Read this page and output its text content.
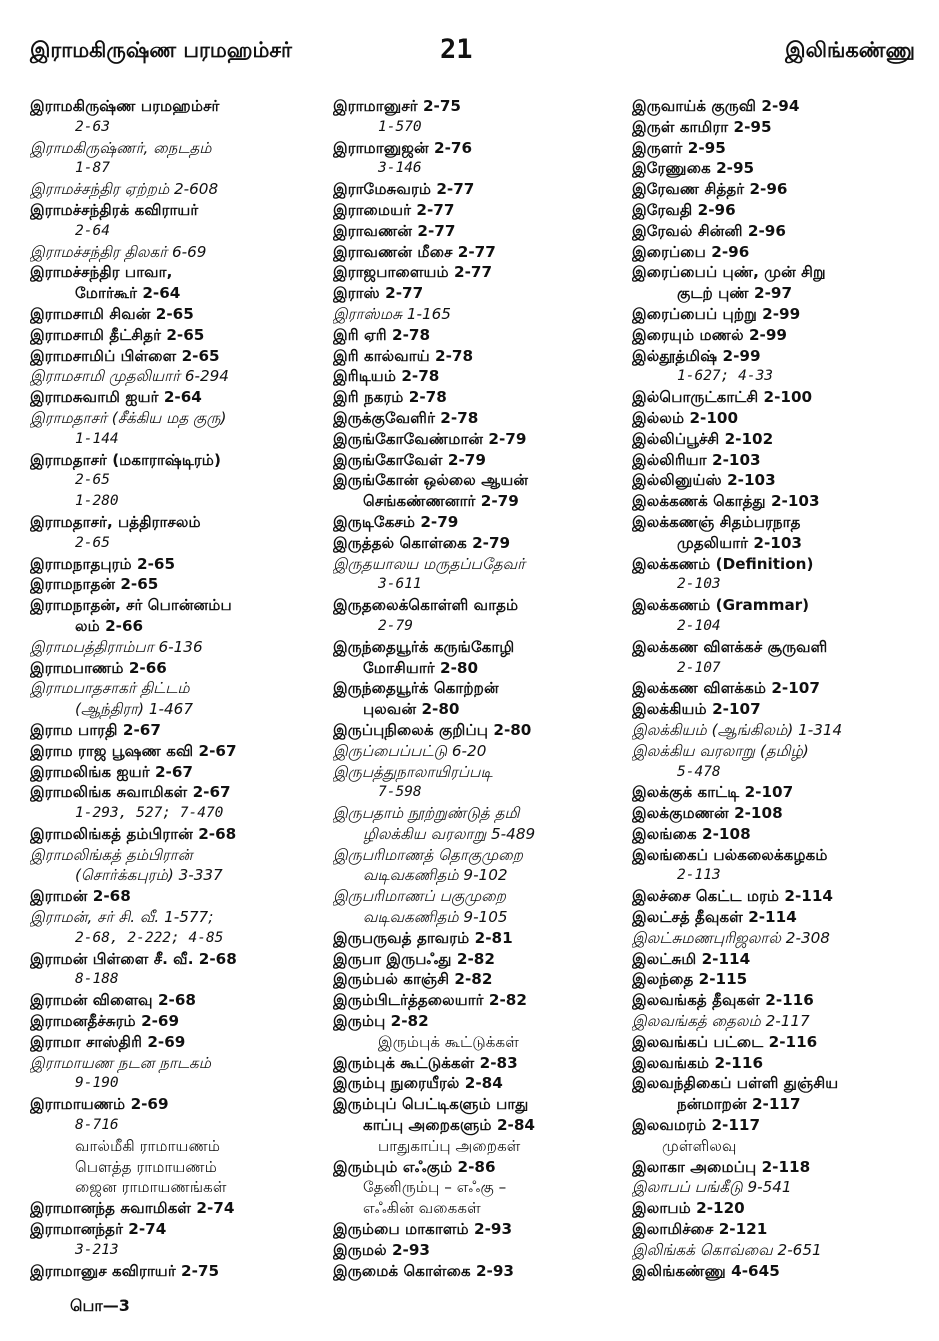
இராமகிருஷ்ண பரமஹம்சர்	21	இலிங்கண்ணு
இராமகிருஷ்ண பரமஹம்சர்
2-63
இராமகிருஷ்ணர், நைடதம்
1-87
இராமச்சந்திர ஏற்றம் 2-608
இராமச்சந்திரக் கவிராயர்
2-64
இராமச்சந்திர திலகர் 6-69
இராமச்சந்திர பாவா,
மோர்கூர் 2-64
இராமசாமி சிவன் 2-65
இராமசாமி தீட்சிதர் 2-65
இராமசாமிப் பிள்ளை 2-65
இராமசாமி முதலியார் 6-294
இராமசுவாமி ஐயர் 2-64
இராமதாசர் (சீக்கிய மத குரு)
1-144
இராமதாசர் (மகாராஷ்டிரம்)
2-65
1-280
இராமதாசர், பத்திராசலம்
2-65
இராமநாதபுரம் 2-65
இராமநாதன் 2-65
இராமநாதன், சர் பொன்னம்ப
லம் 2-66
இராமபத்திராம்பா 6-136
இராமபாணம் 2-66
இராமபாதசாகர் திட்டம்
(ஆந்திரா) 1-467
இராம பாரதி 2-67
இராம ராஜ பூஷண கவி 2-67
இராமலிங்க ஐயர் 2-67
இராமலிங்க சுவாமிகள் 2-67
1-293, 527; 7-470
இராமலிங்கத் தம்பிரான் 2-68
இராமலிங்கத் தம்பிரான்
(சொர்க்கபுரம்) 3-337
இராமன் 2-68
இராமன், சர் சி. வீ. 1-577;
2-68, 2-222; 4-85
இராமன் பிள்ளை சீ. வீ. 2-68
8-188
இராமன் விளைவு 2-68
இராமனதீச்சுரம் 2-69
இராமா சாஸ்திரி 2-69
இராமாயண நடன நாடகம்
9-190
இராமாயணம் 2-69
8-716
வால்மீகி ராமாயணம்
பௌத்த ராமாயணம்
ஜைன ராமாயணங்கள்
இராமானந்த சுவாமிகள் 2-74
இராமானந்தர் 2-74
3-213
இராமானுச கவிராயர் 2-75
இராமானுசர் 2-75
1-570
இராமானுஜன் 2-76
3-146
இராமேசுவரம் 2-77
இராமையர் 2-77
இராவணன் 2-77
இராவணன் மீசை 2-77
இராஜபாளையம் 2-77
இராஸ் 2-77
இராஸ்மசு 1-165
இரி ஏரி 2-78
இரி கால்வாய் 2-78
இரிடியம் 2-78
இரி நகரம் 2-78
இருக்குவேளிர் 2-78
இருங்கோவேண்மான் 2-79
இருங்கோவேள் 2-79
இருங்கோன் ஒல்லை ஆயன்
செங்கண்ணனார் 2-79
இருடிகேசம் 2-79
இருத்தல் கொள்கை 2-79
இருதயாலய மருதப்பதேவர்
3-611
இருதலைக்கொள்ளி வாதம்
2-79
இருந்தையூர்க் கருங்கோழி
மோசியார் 2-80
இருந்தையூர்க் கொற்றன்
புலவன் 2-80
இருப்புநிலைக் குறிப்பு 2-80
இருப்பைப்பட்டு 6-20
இருபத்துநாலாயிரப்படி
7-598
இருபதாம் நூற்றுண்டுத் தமி
ழிலக்கிய வரலாறு 5-489
இருபரிமாணத் தொகுமுறை
வடிவகணிதம் 9-102
இருபரிமாணப் பகுமுறை
வடிவகணிதம் 9-105
இருபருவத் தாவரம் 2-81
இருபா இருபஃது 2-82
இரும்பல் காஞ்சி 2-82
இரும்பிடர்த்தலையார் 2-82
இரும்பு 2-82
இரும்புக் கூட்டுக்கள்
இரும்புக் கூட்டுக்கள் 2-83
இரும்பு நுரையீரல் 2-84
இரும்புப் பெட்டிகளும் பாது
காப்பு அறைகளும் 2-84
பாதுகாப்பு அறைகள்
இரும்பும் எஃகும் 2-86
தேனிரும்பு – எஃகு –
எஃகின் வகைகள்
இரும்பை மாகாளம் 2-93
இருமல் 2-93
இருமைக் கொள்கை 2-93
இருவாய்க் குருவி 2-94
இருள் காமிரா 2-95
இருளர் 2-95
இரேணுகை 2-95
இரேவண சித்தர் 2-96
இரேவதி 2-96
இரேவல் சின்னி 2-96
இரைப்பை 2-96
இரைப்பைப் புண், முன் சிறு
குடற் புண் 2-97
இரைப்பைப் புற்று 2-99
இரையும் மணல் 2-99
இல்தூத்மிஷ் 2-99
1-627; 4-33
இல்பொருட்காட்சி 2-100
இல்லம் 2-100
இல்லிப்பூச்சி 2-102
இல்லிரியா 2-103
இல்லினுய்ஸ் 2-103
இலக்கணக் கொத்து 2-103
இலக்கணஞ் சிதம்பரநாத
முதலியார் 2-103
இலக்கணம் (Definition)
2-103
இலக்கணம் (Grammar)
2-104
இலக்கண விளக்கச் சூருவளி
2-107
இலக்கண விளக்கம் 2-107
இலக்கியம் 2-107
இலக்கியம் (ஆங்கிலம்) 1-314
இலக்கிய வரலாறு (தமிழ்)
5-478
இலக்குக் காட்டி 2-107
இலக்குமணன் 2-108
இலங்கை 2-108
இலங்கைப் பல்கலைக்கழகம்
2-113
இலச்சை கெட்ட மரம் 2-114
இலட்சத் தீவுகள் 2-114
இலட்சுமணபுரிஜலால் 2-308
இலட்சுமி 2-114
இலந்தை 2-115
இலவங்கத் தீவுகள் 2-116
இலவங்கத் தைலம் 2-117
இலவங்கப் பட்டை 2-116
இலவங்கம் 2-116
இலவந்திகைப் பள்ளி துஞ்சிய
நன்மாறன் 2-117
இலவமரம் 2-117
முள்ளிலவு
இலாகா அமைப்பு 2-118
இலாபப் பங்கீடு 9-541
இலாபம் 2-120
இலாமிச்சை 2-121
இலிங்கக் கொவ்வை 2-651
இலிங்கண்ணு 4-645
பொ—3
